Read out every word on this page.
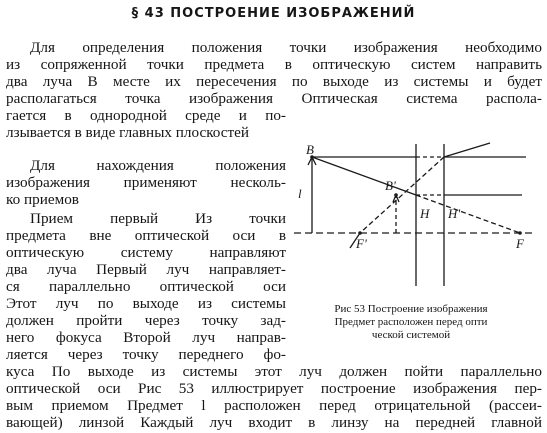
§ 43 ПОСТРОЕНИЕ ИЗОБРАЖЕНИЙ
Для определения положения точки изображения необходимо
из сопряженной точки предмета в оптическую систем направить
два луча В месте их пересечения по выходе из системы и будет
располагаться точка изображения Оптическая система распола-
гается в однородной среде и по-
лзывается в виде главных плоскостей
Для нахождения положения
изображения применяют несколь-
ко приемов
Прием первый Из точки
предмета вне оптической оси в
оптическую систему направляют
два луча Первый луч направляет-
ся параллельно оптической оси
Этот луч по выходе из системы
должен пройти через точку зад-
него фокуса Второй луч направ-
ляется через точку переднего фо-
куса По выходе из системы этот луч должен пойти параллельно
оптической оси Рис 53 иллюстрирует построение изображения пер-
вым приемом Предмет l расположен перед отрицательной (рассеи-
вающей) линзой Каждый луч входит в линзу на передней главной
B
l
B'
F'
H H'
F
Рис 53 Построение изображения
Предмет расположен перед опти
ческой системой
